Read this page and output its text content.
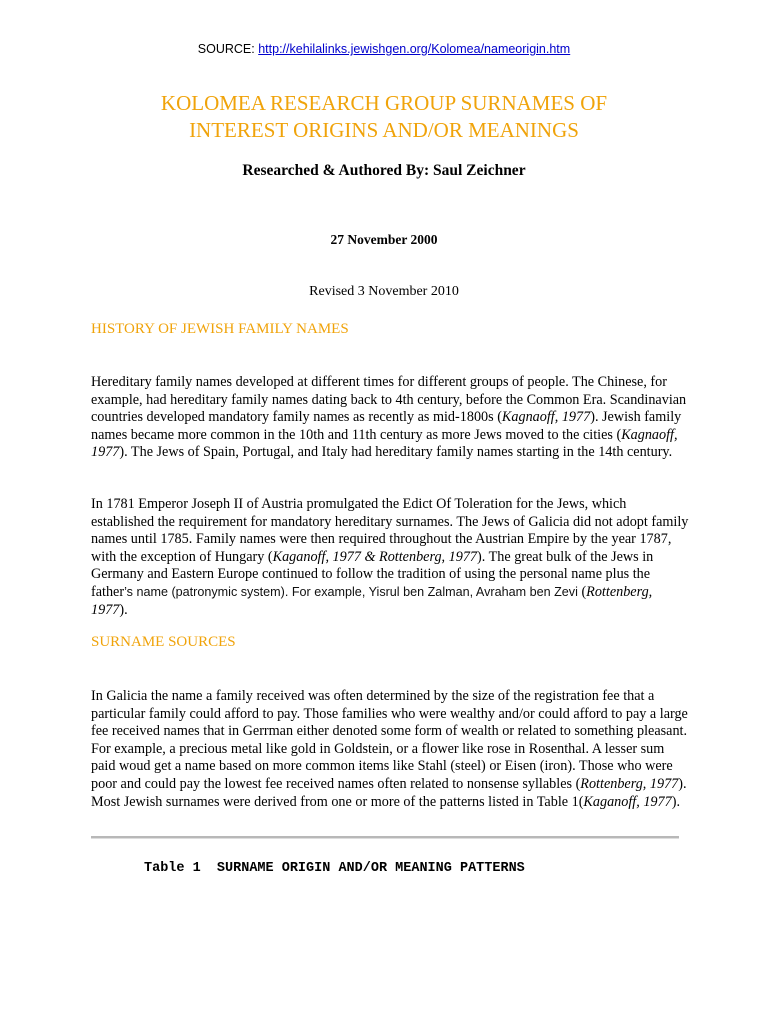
SOURCE: http://kehilalinks.jewishgen.org/Kolomea/nameorigin.htm
KOLOMEA RESEARCH GROUP SURNAMES OF
INTEREST ORIGINS AND/OR MEANINGS
Researched & Authored By: Saul Zeichner
27 November 2000
Revised 3 November 2010
HISTORY OF JEWISH FAMILY NAMES

Hereditary family names developed at different times for different groups of people. The Chinese, for example, had hereditary family names dating back to 4th century, before the Common Era. Scandinavian countries developed mandatory family names as recently as mid-1800s (Kagnaoff, 1977). Jewish family names became more common in the 10th and 11th century as more Jews moved to the cities (Kagnaoff, 1977). The Jews of Spain, Portugal, and Italy had hereditary family names starting in the 14th century.

In 1781 Emperor Joseph II of Austria promulgated the Edict Of Toleration for the Jews, which established the requirement for mandatory hereditary surnames. The Jews of Galicia did not adopt family names until 1785. Family names were then required throughout the Austrian Empire by the year 1787, with the exception of Hungary (Kaganoff, 1977 & Rottenberg, 1977). The great bulk of the Jews in Germany and Eastern Europe continued to follow the tradition of using the personal name plus the father’s name (patronymic system). For example, Yisrul ben Zalman, Avraham ben Zevi (Rottenberg, 1977).

SURNAME SOURCES

In Galicia the name a family received was often determined by the size of the registration fee that a particular family could afford to pay. Those families who were wealthy and/or could afford to pay a large fee received names that in Gerrman either denoted some form of wealth or related to something pleasant. For example, a precious metal like gold in Goldstein, or a flower like rose in Rosenthal. A lesser sum paid woud get a name based on more common items like Stahl (steel) or Eisen (iron). Those who were poor and could pay the lowest fee received names often related to nonsense syllables (Rottenberg, 1977). Most Jewish surnames were derived from one or more of the patterns listed in Table 1(Kaganoff, 1977).

Table 1 SURNAME ORIGIN AND/OR MEANING PATTERNS
